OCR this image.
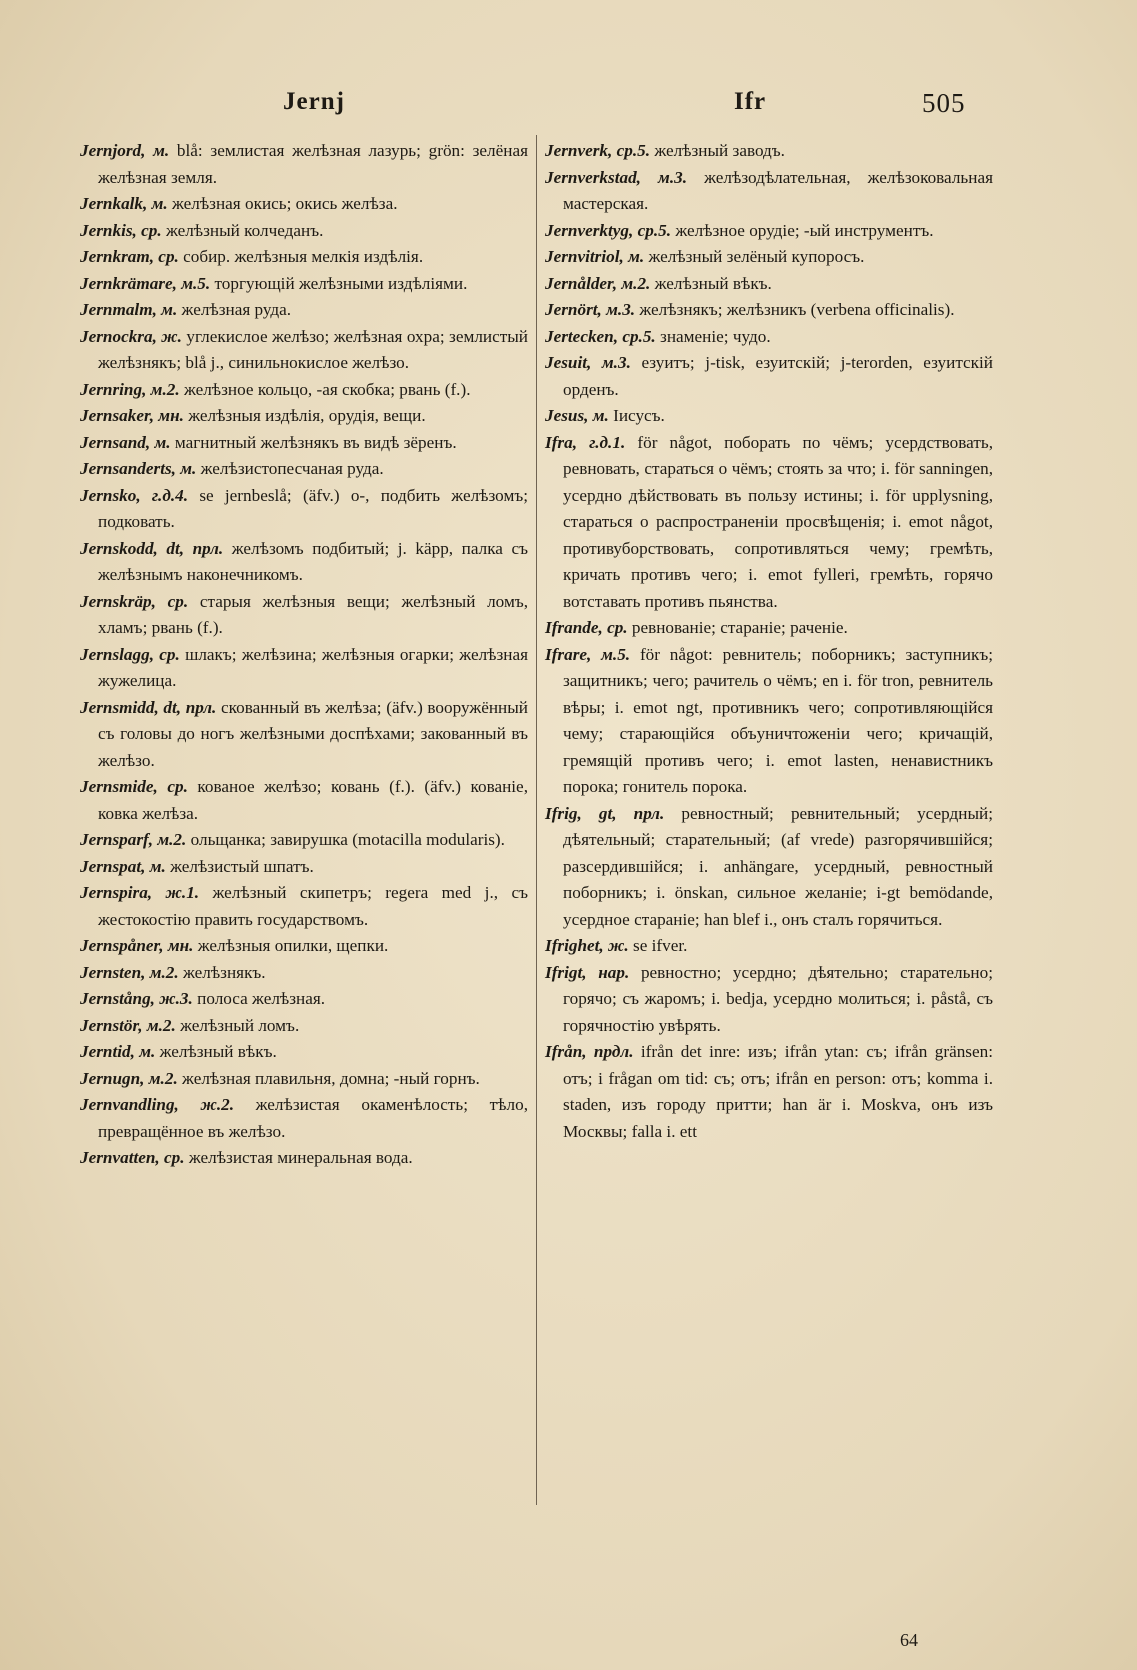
Jernj	Ifr	505
Jernjord, м. blå: землистая желѣзная лазурь; grön: зелёная желѣзная земля.
Jernkalk, м. желѣзная окись; окись желѣза.
Jernkis, ср. желѣзный колчеданъ.
Jernkram, ср. собир. желѣзныя мелкія издѣлія.
Jernkrämare, м.5. торгующій желѣзными издѣліями.
Jernmalm, м. желѣзная руда.
Jernockra, ж. углекислое желѣзо; желѣзная охра; землистый желѣзнякъ; blå j., синильнокислое желѣзо.
Jernring, м.2. желѣзное кольцо, -ая скобка; рвань (f.).
Jernsaker, мн. желѣзныя издѣлія, орудія, вещи.
Jernsand, м. магнитный желѣзнякъ въ видѣ зёренъ.
Jernsanderts, м. желѣзистопесчаная руда.
Jernsko, г.д.4. se jernbeslå; (äfv.) о-, подбить желѣзомъ; подковать.
Jernskodd, dt, прл. желѣзомъ подбитый; j. käpp, палка съ желѣзнымъ наконечникомъ.
Jernskräp, ср. старыя желѣзныя вещи; желѣзный ломъ, хламъ; рвань (f.).
Jernslagg, ср. шлакъ; желѣзина; желѣзныя огарки; желѣзная жужелица.
Jernsmidd, dt, прл. скованный въ желѣза; (äfv.) вооружённый съ головы до ногъ желѣзными доспѣхами; закованный въ желѣзо.
Jernsmide, ср. кованое желѣзо; ковань (f.). (äfv.) кованіе, ковка желѣза.
Jernsparf, м.2. ольщанка; завирушка (motacilla modularis).
Jernspat, м. желѣзистый шпатъ.
Jernspira, ж.1. желѣзный скипетръ; regera med j., съ жестокостію править государствомъ.
Jernspåner, мн. желѣзныя опилки, щепки.
Jernsten, м.2. желѣзнякъ.
Jernstång, ж.3. полоса желѣзная.
Jernstör, м.2. желѣзный ломъ.
Jerntid, м. желѣзный вѣкъ.
Jernugn, м.2. желѣзная плавильня, домна; -ный горнъ.
Jernvandling, ж.2. желѣзистая окаменѣлость; тѣло, превращённое въ желѣзо.
Jernvatten, ср. желѣзистая минеральная вода.
Jernverk, ср.5. желѣзный заводъ.
Jernverkstad, м.3. желѣзодѣлательная, желѣзоковальная мастерская.
Jernverktyg, ср.5. желѣзное орудіе; -ый инструментъ.
Jernvitriol, м. желѣзный зелёный купоросъ.
Jernålder, м.2. желѣзный вѣкъ.
Jernört, м.3. желѣзнякъ; желѣзникъ (verbena officinalis).
Jertecken, ср.5. знаменіе; чудо.
Jesuit, м.3. езуитъ; j-tisk, езуитскій; j-terorden, езуитскій орденъ.
Jesus, м. Іисусъ.
Ifra, г.д.1. för något, поборать по чёмъ; усердствовать, ревновать, стараться о чёмъ; стоять за что; i. för sanningen, усердно дѣйствовать въ пользу истины; i. för upplysning, стараться о распространеніи просвѣщенія; i. emot något, противуборствовать, сопротивляться чему; гремѣть, кричать противъ чего; i. emot fylleri, гремѣть, горячо вотставать противъ пьянства.
Ifrande, ср. ревнованіе; стараніе; раченіе.
Ifrare, м.5. för något: ревнитель; поборникъ; заступникъ; защитникъ; чего; рачитель о чёмъ; en i. för tron, ревнитель вѣры; i. emot ngt, противникъ чего; сопротивляющійся чему; старающійся объуничтоженіи чего; кричащій, гремящій противъ чего; i. emot lasten, ненавистникъ порока; гонитель порока.
Ifrig, gt, прл. ревностный; ревнительный; усердный; дѣятельный; старательный; (af vrede) разгорячившійся; разсердившійся; i. anhängare, усердный, ревностный поборникъ; i. önskan, сильное желаніе; i-gt bemödande, усердное стараніе; han blef i., онъ сталъ горячиться.
Ifrighet, ж. se ifver.
Ifrigt, нар. ревностно; усердно; дѣятельно; старательно; горячо; съ жаромъ; i. bedja, усердно молиться; i. påstå, съ горячностію увѣрять.
Ifrån, прдл. ifrån det inre: изъ; ifrån ytan: съ; ifrån gränsen: отъ; i frågan om tid: съ; отъ; ifrån en person: отъ; komma i. staden, изъ городу притти; han är i. Moskva, онъ изъ Москвы; falla i. ett
64
